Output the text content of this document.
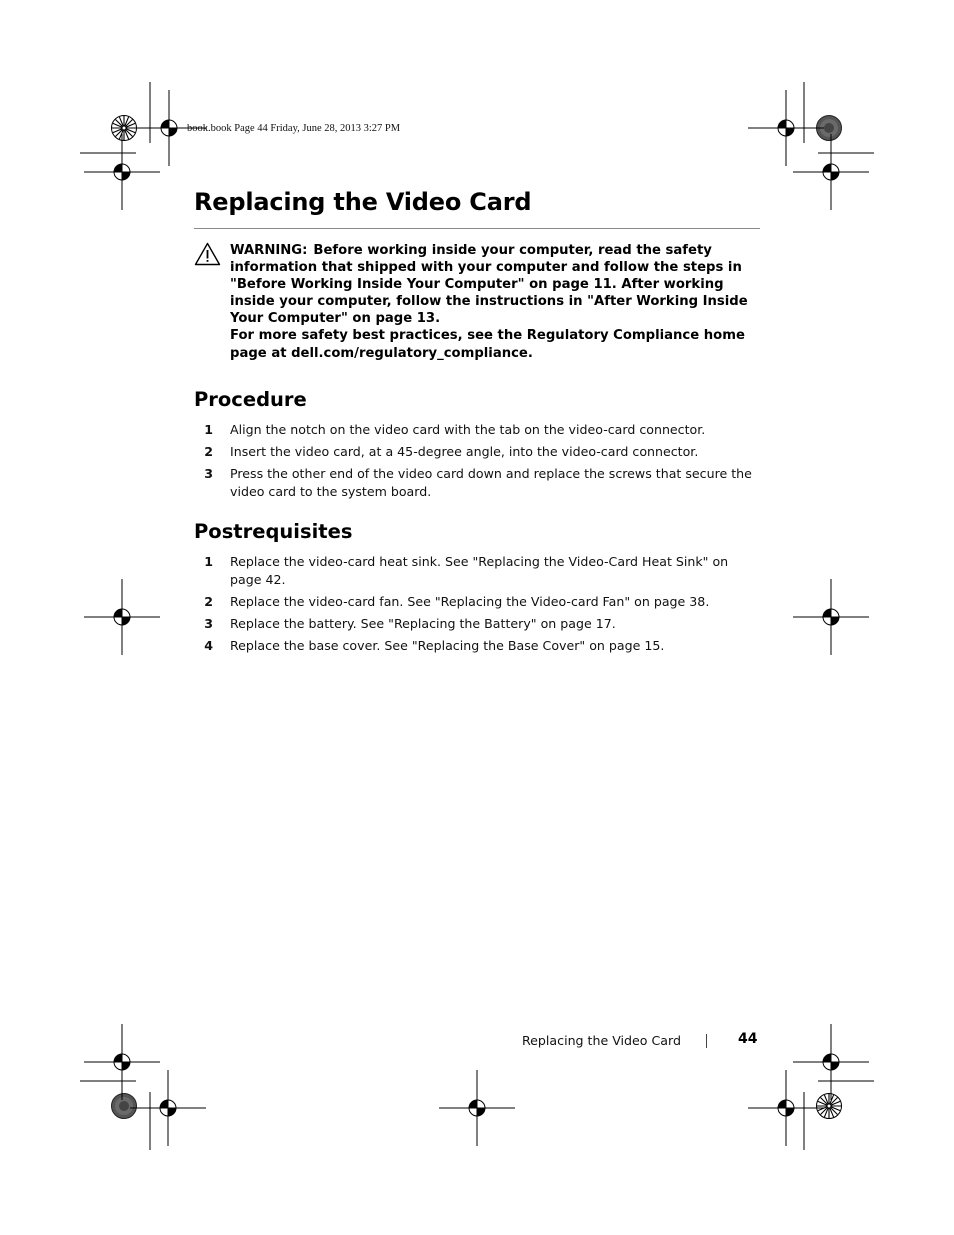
book.book Page 44 Friday, June 28, 2013 3:27 PM
Replacing the Video Card
WARNING: Before working inside your computer, read the safety information that shipped with your computer and follow the steps in "Before Working Inside Your Computer" on page 11. After working inside your computer, follow the instructions in "After Working Inside Your Computer" on page 13.
For more safety best practices, see the Regulatory Compliance home page at dell.com/regulatory_compliance.
Procedure
1 Align the notch on the video card with the tab on the video-card connector.
2 Insert the video card, at a 45-degree angle, into the video-card connector.
3 Press the other end of the video card down and replace the screws that secure the video card to the system board.
Postrequisites
1 Replace the video-card heat sink. See "Replacing the Video-Card Heat Sink" on page 42.
2 Replace the video-card fan. See "Replacing the Video-card Fan" on page 38.
3 Replace the battery. See "Replacing the Battery" on page 17.
4 Replace the base cover. See "Replacing the Base Cover" on page 15.
Replacing the Video Card	44
